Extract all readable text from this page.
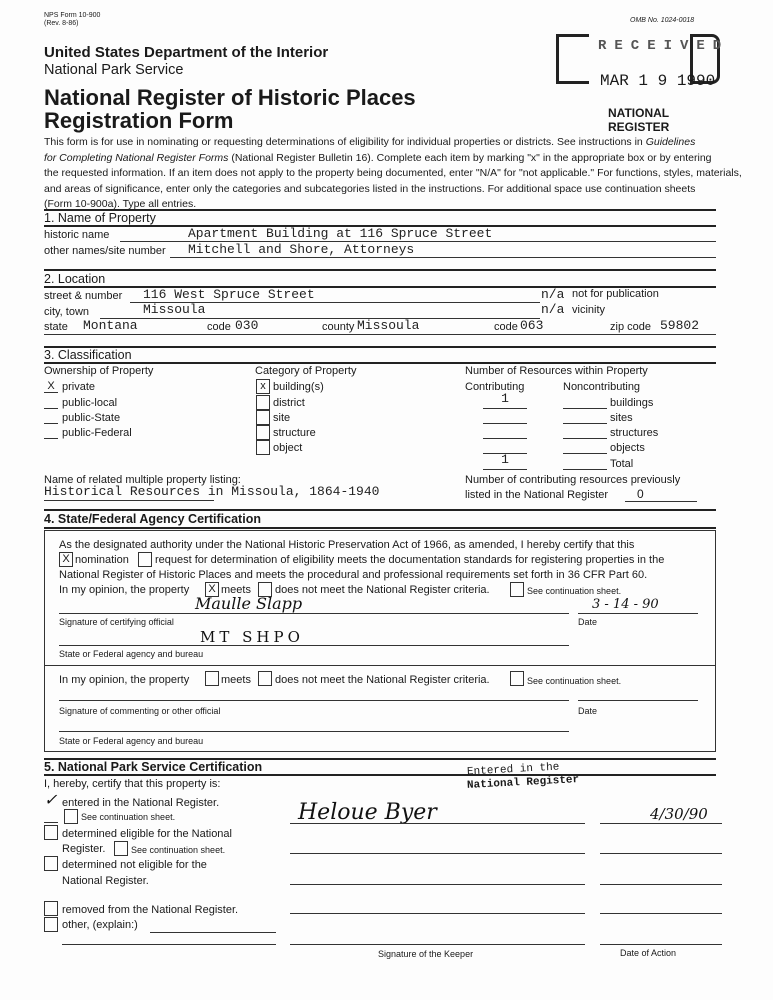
NPS Form 10-900
(Rev. 8-86)	OMB No. 1024-0018
United States Department of the Interior
National Park Service
National Register of Historic Places
Registration Form
RECEIVED
MAR 1 9 1990
NATIONAL
REGISTER
This form is for use in nominating or requesting determinations of eligibility for individual properties or districts. See instructions in Guidelines
for Completing National Register Forms (National Register Bulletin 16). Complete each item by marking "x" in the appropriate box or by entering
the requested information. If an item does not apply to the property being documented, enter "N/A" for "not applicable." For functions, styles, materials,
and areas of significance, enter only the categories and subcategories listed in the instructions. For additional space use continuation sheets
(Form 10-900a). Type all entries.
1. Name of Property
historic name	Apartment Building at 116 Spruce Street
other names/site number Mitchell and Shore, Attorneys
2. Location
street & number 116 West Spruce Street	n/a not for publication
city, town	Missoula	n/a vicinity
state Montana	code 030	county Missoula	code 063	zip code 59802
3. Classification
Ownership of Property	Category of Property	Number of Resources within Property
Contributing	Noncontributing
X private
public-local
public-State
public-Federal
x building(s)
district
site
structure
object
1	buildings
sites
structures
objects
1	Total
Name of related multiple property listing:
Historical Resources in Missoula, 1864-1940
Number of contributing resources previously
listed in the National Register	0
4. State/Federal Agency Certification
As the designated authority under the National Historic Preservation Act of 1966, as amended, I hereby certify that this
X nomination request for determination of eligibility meets the documentation standards for registering properties in the
National Register of Historic Places and meets the procedural and professional requirements set forth in 36 CFR Part 60.
In my opinion, the property	X meets does not meet the National Register criteria.	See continuation sheet.
Maulle Slapp	3 - 14 - 90
Signature of certifying official	Date
MT SHPO
State or Federal agency and bureau
In my opinion, the property	meets does not meet the National Register criteria.	See continuation sheet.
Signature of commenting or other official	Date
State or Federal agency and bureau
5. National Park Service Certification
I, hereby, certify that this property is:
Entered in the
National Register
✓ entered in the National Register.
See continuation sheet.
determined eligible for the National
Register.	See continuation sheet.
determined not eligible for the
National Register.
removed from the National Register.
other, (explain:)
Heloue Byer	4/30/90
Signature of the Keeper	Date of Action
